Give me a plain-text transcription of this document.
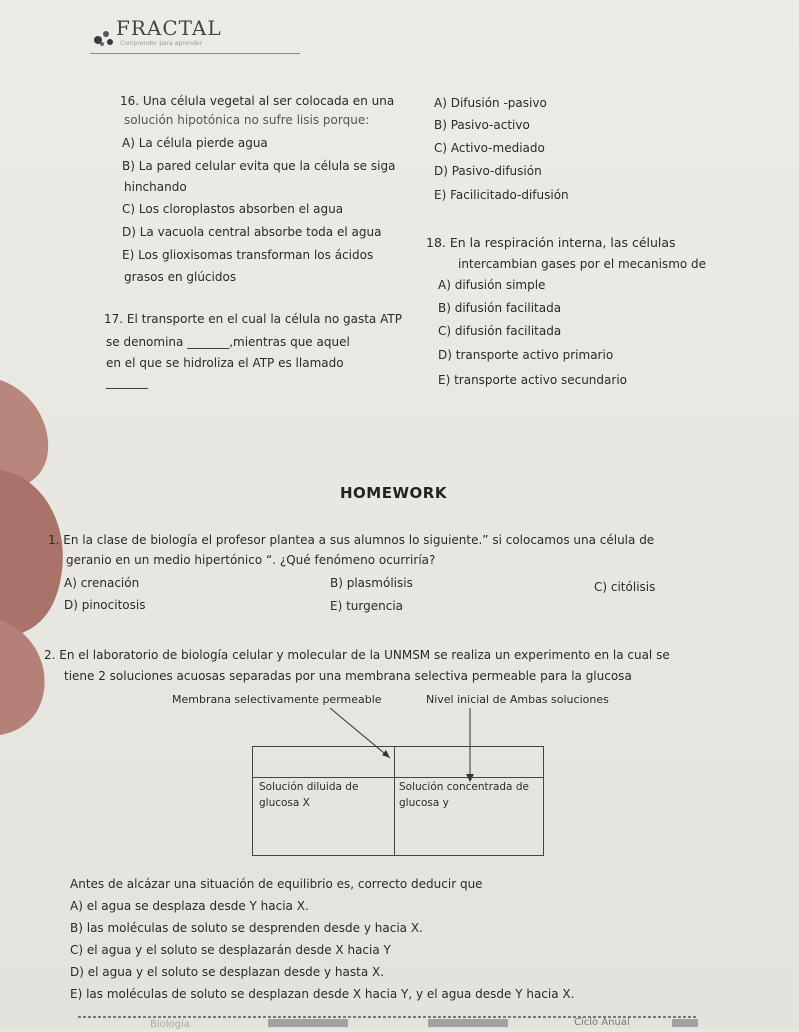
FRACTAL
Comprender para aprender
16. Una célula vegetal al ser colocada en una
solución hipotónica no sufre lisis porque:
A) La célula pierde agua
B) La pared celular evita que la célula se siga
hinchando
C) Los cloroplastos absorben el agua
D) La vacuola central absorbe toda el agua
E) Los glioxisomas transforman los ácidos
grasos en glúcidos
17. El transporte en el cual la célula no gasta ATP
se denomina _______,mientras que aquel
en el que se hidroliza el ATP es llamado
_______
A) Difusión -pasivo
B) Pasivo-activo
C) Activo-mediado
D) Pasivo-difusión
E) Facilicitado-difusión
18. En la respiración interna, las células
intercambian gases por el mecanismo de
A) difusión simple
B) difusión facilitada
C) difusión facilitada
D) transporte activo primario
E) transporte activo secundario
HOMEWORK
1. En la clase de biología el profesor plantea a sus alumnos lo siguiente.” si colocamos una célula de
geranio en un medio hipertónico “. ¿Qué fenómeno ocurriría?
A) crenación	B) plasmólisis	C) citólisis
D) pinocitosis	E) turgencia
2. En el laboratorio de biología celular y molecular de la UNMSM se realiza un experimento en la cual se
tiene 2 soluciones acuosas separadas por una membrana selectiva permeable para la glucosa
Membrana selectivamente permeable	Nivel inicial de Ambas soluciones
Solución diluida de
glucosa X
Solución concentrada de
glucosa y
Antes de alcázar una situación de equilibrio es, correcto deducir que
A) el agua se desplaza desde Y hacia X.
B) las moléculas de soluto se desprenden desde y hacia X.
C) el agua y el soluto se desplazarán desde X hacia Y
D) el agua y el soluto se desplazan desde y hasta X.
E) las moléculas de soluto se desplazan desde X hacia Y, y el agua desde Y hacia X.
Biología	Ciclo Anual
